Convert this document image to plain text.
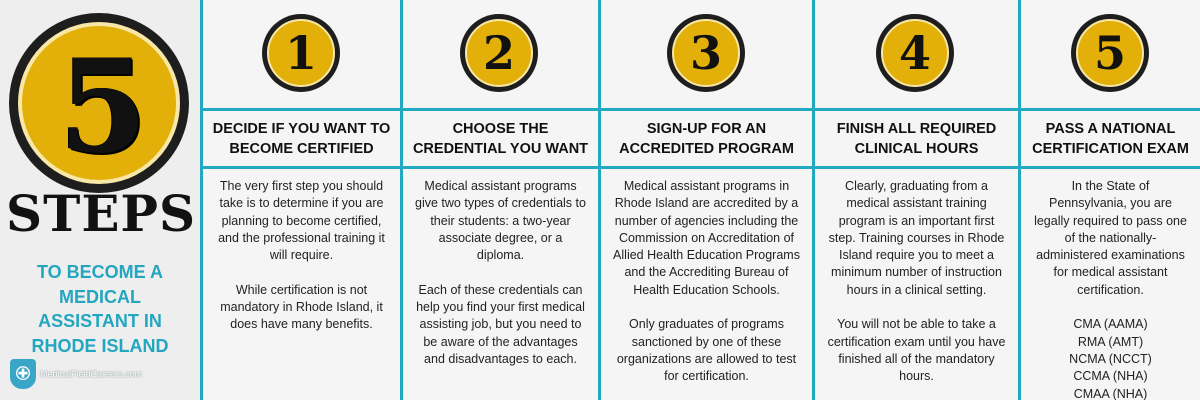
5
STEPS
TO BECOME A
MEDICAL
ASSISTANT IN
RHODE ISLAND
MedicalFieldCareers.com
1
DECIDE IF YOU WANT TO
BECOME CERTIFIED

The very first step you should take is to determine if you are planning to become certified, and the professional training it will require.

While certification is not mandatory in Rhode Island, it does have many benefits.

2
CHOOSE THE
CREDENTIAL YOU WANT

Medical assistant programs give two types of credentials to their students: a two-year associate degree, or a diploma.

Each of these credentials can help you find your first medical assisting job, but you need to be aware of the advantages and disadvantages to each.

3
SIGN-UP FOR AN
ACCREDITED PROGRAM

Medical assistant programs in Rhode Island are accredited by a number of agencies including the Commission on Accreditation of Allied Health Education Programs and the Accrediting Bureau of Health Education Schools.

Only graduates of programs sanctioned by one of these organizations are allowed to test for certification.

4
FINISH ALL REQUIRED
CLINICAL HOURS

Clearly, graduating from a medical assistant training program is an important first step. Training courses in Rhode Island require you to meet a minimum number of instruction hours in a clinical setting.

You will not be able to take a certification exam until you have finished all of the mandatory hours.

5
PASS A NATIONAL
CERTIFICATION EXAM

In the State of Pennsylvania, you are legally required to pass one of the nationally-administered examinations for medical assistant certification.

CMA (AAMA)
RMA (AMT)
NCMA (NCCT)
CCMA (NHA)
CMAA (NHA)
